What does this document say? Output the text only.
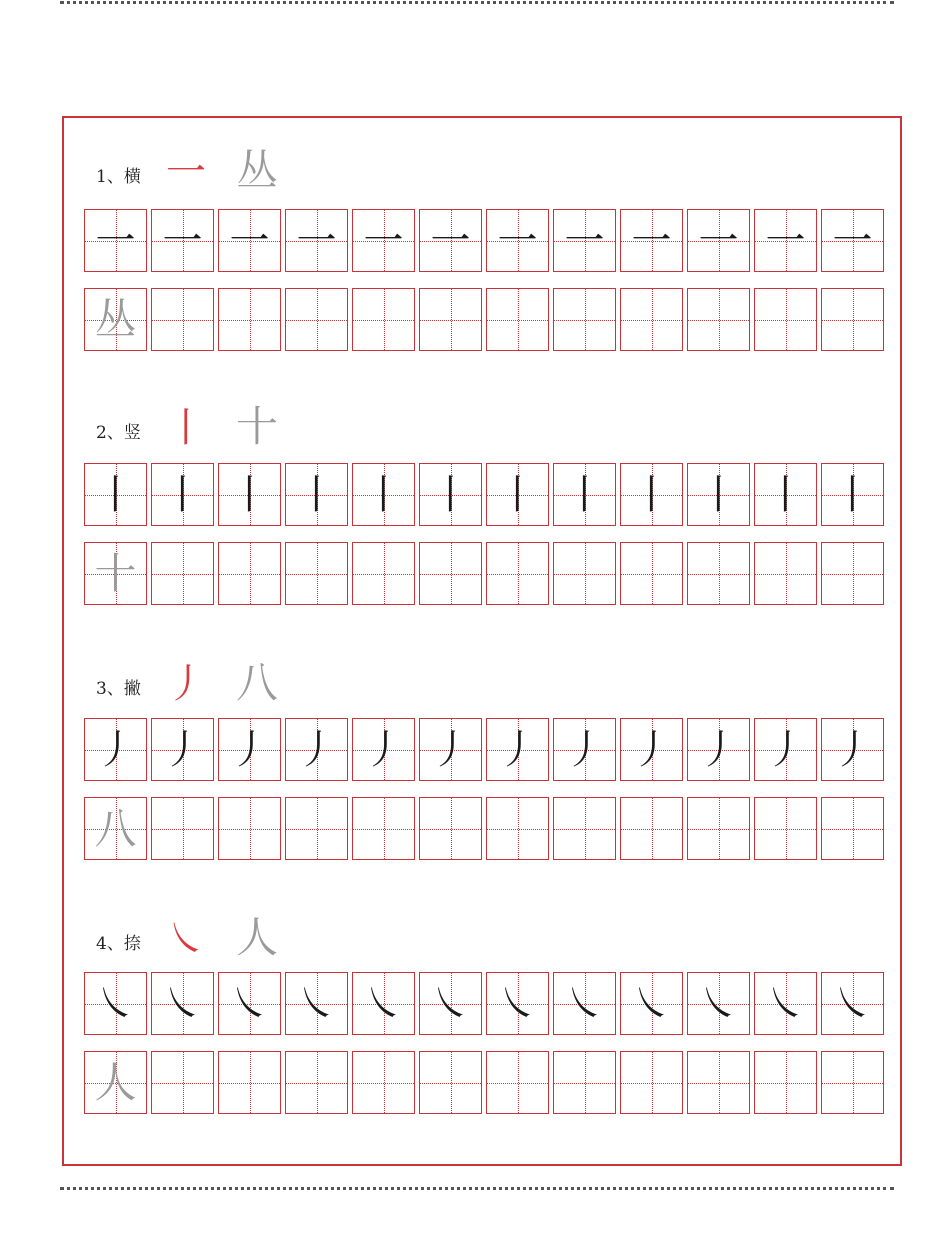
1、横 一 丛
一 一 一 一 一 一 一 一 一 一 一 一
丛
2、竖 丨 十
丨 丨 丨 丨 丨 丨 丨 丨 丨 丨 丨 丨
十
3、撇 丿 八
丿 丿 丿 丿 丿 丿 丿 丿 丿 丿 丿 丿
八
4、捺 ㇏ 人
㇏ ㇏ ㇏ ㇏ ㇏ ㇏ ㇏ ㇏ ㇏ ㇏ ㇏ ㇏
人
